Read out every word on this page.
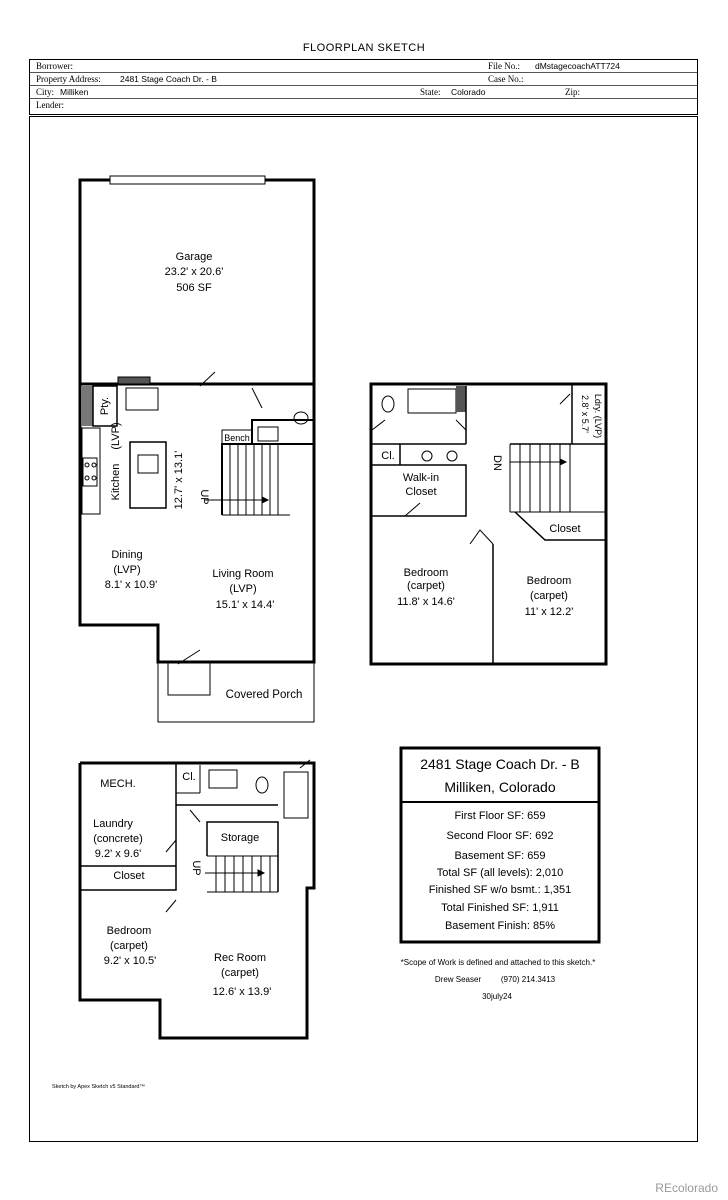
FLOORPLAN SKETCH
Borrower:	File No.: dMstagecoachATT724
Property Address: 2481 Stage Coach Dr. - B	Case No.:
City: Milliken	State: Colorado	Zip:
Lender:
Garage
23.2' x 20.6'
506 SF
Pty.
Kitchen
(LVP)
12.7' x 13.1'
Bench
UP
Dining
(LVP)
8.1' x 10.9'
Living Room
(LVP)
15.1' x 14.4'
Covered Porch
Cl.
Walk-in
Closet
DN
Ldry. (LVP)
2.8' x 5.7'
Closet
Bedroom
(carpet)
11.8' x 14.6'
Bedroom
(carpet)
11' x 12.2'
MECH.
Cl.
Laundry
(concrete)
9.2' x 9.6'
Storage
Closet
UP
Bedroom
(carpet)
9.2' x 10.5'	Rec Room
(carpet)
12.6' x 13.9'
2481 Stage Coach Dr. - B
Milliken, Colorado
First Floor SF: 659
Second Floor SF: 692
Basement SF: 659
Total SF (all levels): 2,010
Finished SF w/o bsmt.: 1,351
Total Finished SF: 1,911
Basement Finish: 85%
*Scope of Work is defined and attached to this sketch.*
Drew Seaser (970) 214.3413
30july24
Sketch by Apex Sketch v5 Standard™
REcolorado
